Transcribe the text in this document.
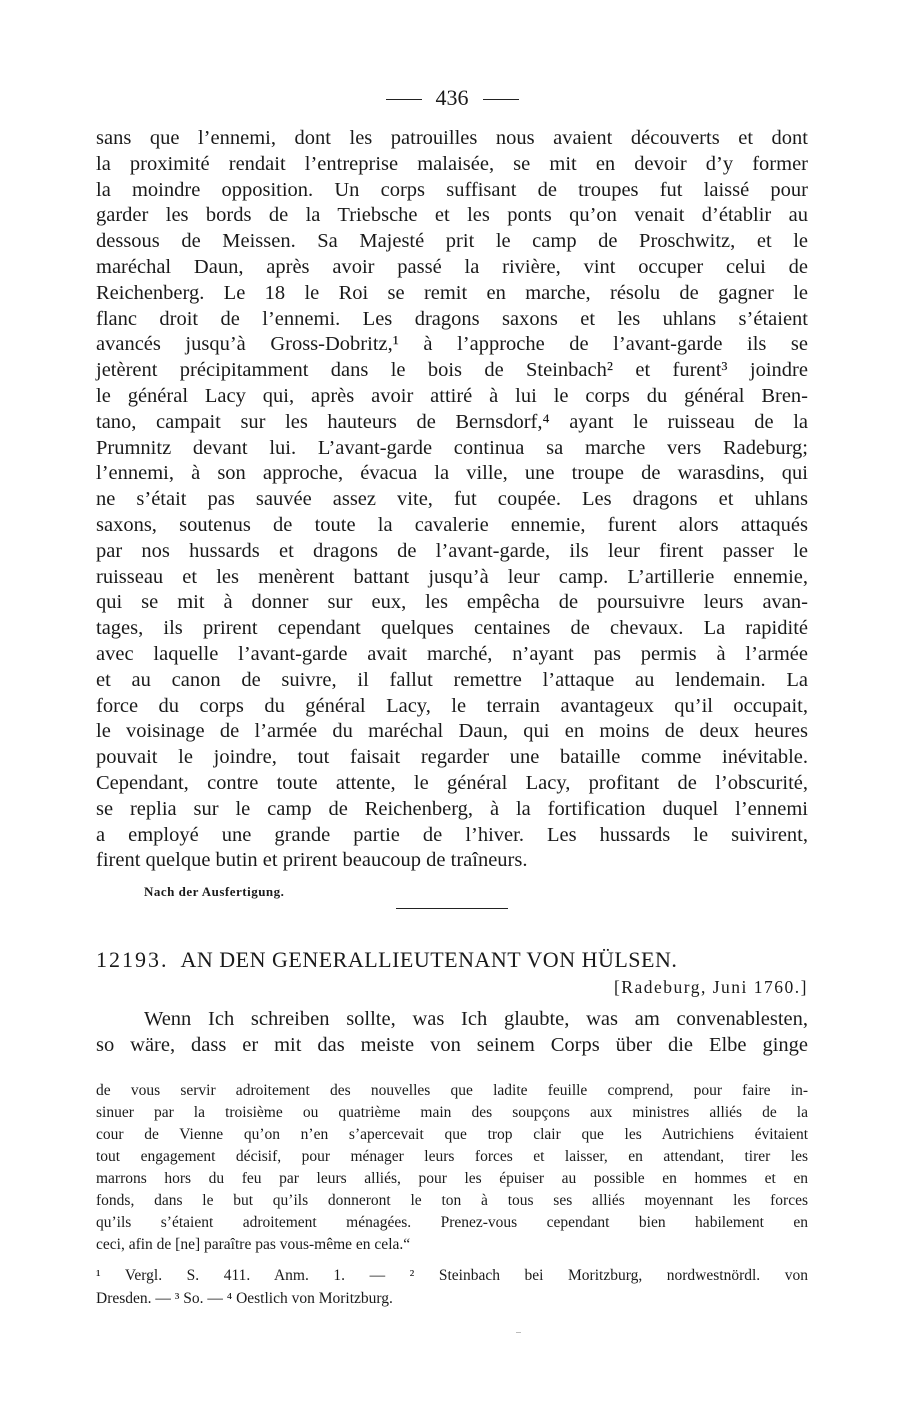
436
sans que l’ennemi, dont les patrouilles nous avaient découverts et dont
la proximité rendait l’entreprise malaisée, se mit en devoir d’y former
la moindre opposition. Un corps suffisant de troupes fut laissé pour
garder les bords de la Triebsche et les ponts qu’on venait d’établir au
dessous de Meissen. Sa Majesté prit le camp de Proschwitz, et le
maréchal Daun, après avoir passé la rivière, vint occuper celui de
Reichenberg. Le 18 le Roi se remit en marche, résolu de gagner le
flanc droit de l’ennemi. Les dragons saxons et les uhlans s’étaient
avancés jusqu’à Gross-Dobritz,¹ à l’approche de l’avant-garde ils se
jetèrent précipitamment dans le bois de Steinbach² et furent³ joindre
le général Lacy qui, après avoir attiré à lui le corps du général Bren-
tano, campait sur les hauteurs de Bernsdorf,⁴ ayant le ruisseau de la
Prumnitz devant lui. L’avant-garde continua sa marche vers Radeburg;
l’ennemi, à son approche, évacua la ville, une troupe de warasdins, qui
ne s’était pas sauvée assez vite, fut coupée. Les dragons et uhlans
saxons, soutenus de toute la cavalerie ennemie, furent alors attaqués
par nos hussards et dragons de l’avant-garde, ils leur firent passer le
ruisseau et les menèrent battant jusqu’à leur camp. L’artillerie ennemie,
qui se mit à donner sur eux, les empêcha de poursuivre leurs avan-
tages, ils prirent cependant quelques centaines de chevaux. La rapidité
avec laquelle l’avant-garde avait marché, n’ayant pas permis à l’armée
et au canon de suivre, il fallut remettre l’attaque au lendemain. La
force du corps du général Lacy, le terrain avantageux qu’il occupait,
le voisinage de l’armée du maréchal Daun, qui en moins de deux heures
pouvait le joindre, tout faisait regarder une bataille comme inévitable.
Cependant, contre toute attente, le général Lacy, profitant de l’obscurité,
se replia sur le camp de Reichenberg, à la fortification duquel l’ennemi
a employé une grande partie de l’hiver. Les hussards le suivirent,
firent quelque butin et prirent beaucoup de traîneurs.
Nach der Ausfertigung.
12193. AN DEN GENERALLIEUTENANT VON HÜLSEN.
[Radeburg, Juni 1760.]
Wenn Ich schreiben sollte, was Ich glaubte, was am convenablesten,
so wäre, dass er mit das meiste von seinem Corps über die Elbe ginge
de vous servir adroitement des nouvelles que ladite feuille comprend, pour faire in-
sinuer par la troisième ou quatrième main des soupçons aux ministres alliés de la
cour de Vienne qu’on n’en s’apercevait que trop clair que les Autrichiens évitaient
tout engagement décisif, pour ménager leurs forces et laisser, en attendant, tirer les
marrons hors du feu par leurs alliés, pour les épuiser au possible en hommes et en
fonds, dans le but qu’ils donneront le ton à tous ses alliés moyennant les forces
qu’ils s’étaient adroitement ménagées. Prenez-vous cependant bien habilement en
ceci, afin de [ne] paraître pas vous-même en cela.“
¹ Vergl. S. 411. Anm. 1. — ² Steinbach bei Moritzburg, nordwestnördl. von
Dresden. — ³ So. — ⁴ Oestlich von Moritzburg.
